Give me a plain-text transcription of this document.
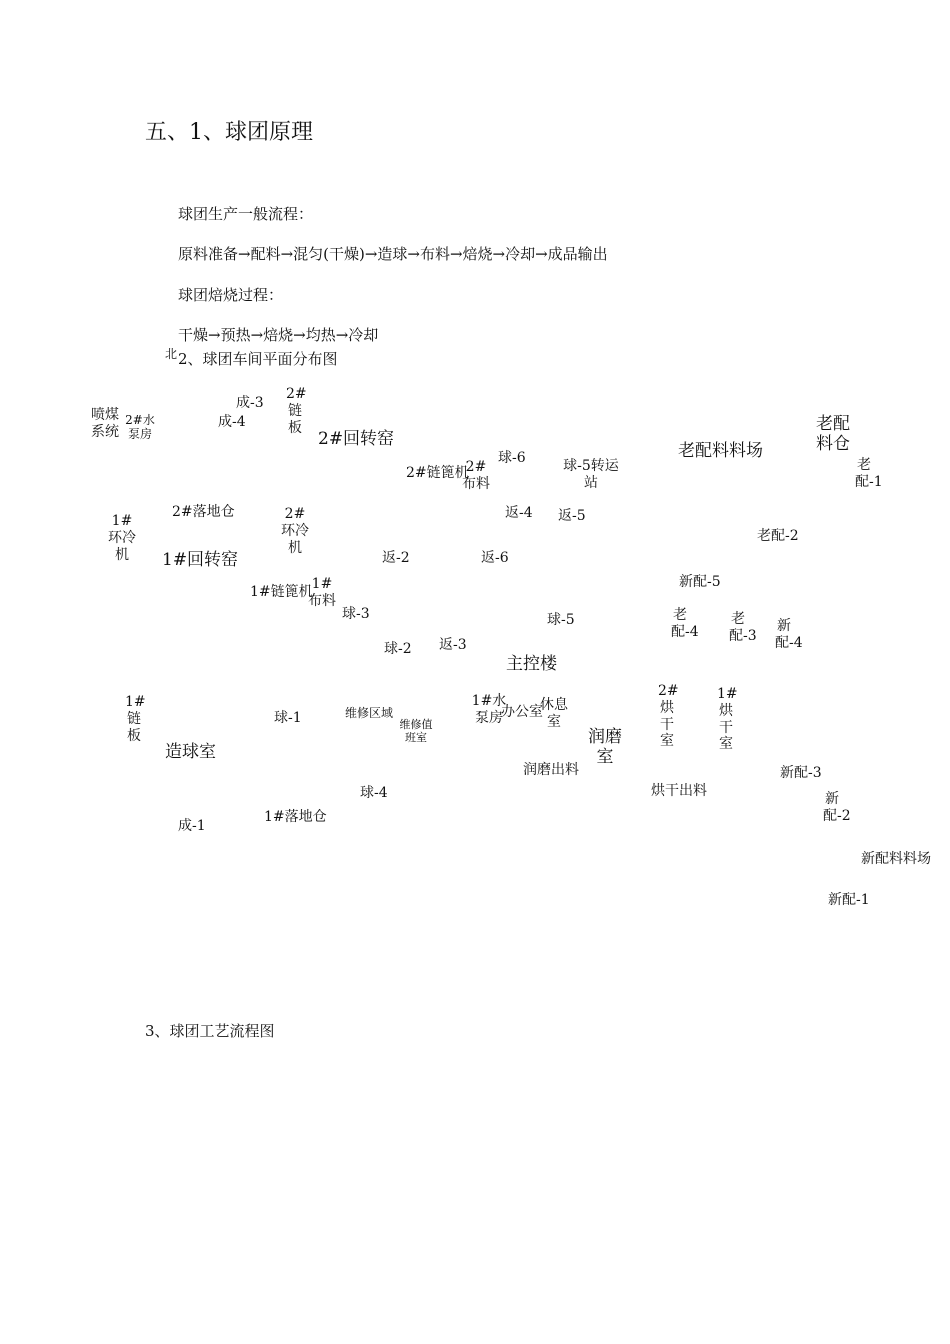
五、1、球团原理
球团生产一般流程：
原料准备→配料→混匀(干燥)→造球→布料→焙烧→冷却→成品输出
球团焙烧过程：
干燥→预热→焙烧→均热→冷却
北 2、球团车间平面分布图
喷煤系统
2#水泵房
成-3
成-4
2#链板
2#回转窑
2#链篦机
2#布料
球-6	球-5转运站
老配料料场
老配料仓
老配-1
1#环冷机
2#落地仓	2#环冷机
返-4 返-5
老配-2
1#回转窑	返-2	返-6
新配-5
1#链篦机 1#布料
球-3	球-5	老配-4
老配-3
新配-4
球-2 返-3
主控楼
1#链板
球-1	维修区域
维修值班室
1#水泵房
办公室
休息室
润磨室
2#烘干室
1#烘干室
造球室
润磨出料
烘干出料
新配-3
球-4	新配-2
成-1
1#落地仓
新配料料场
新配-1
3、球团工艺流程图
